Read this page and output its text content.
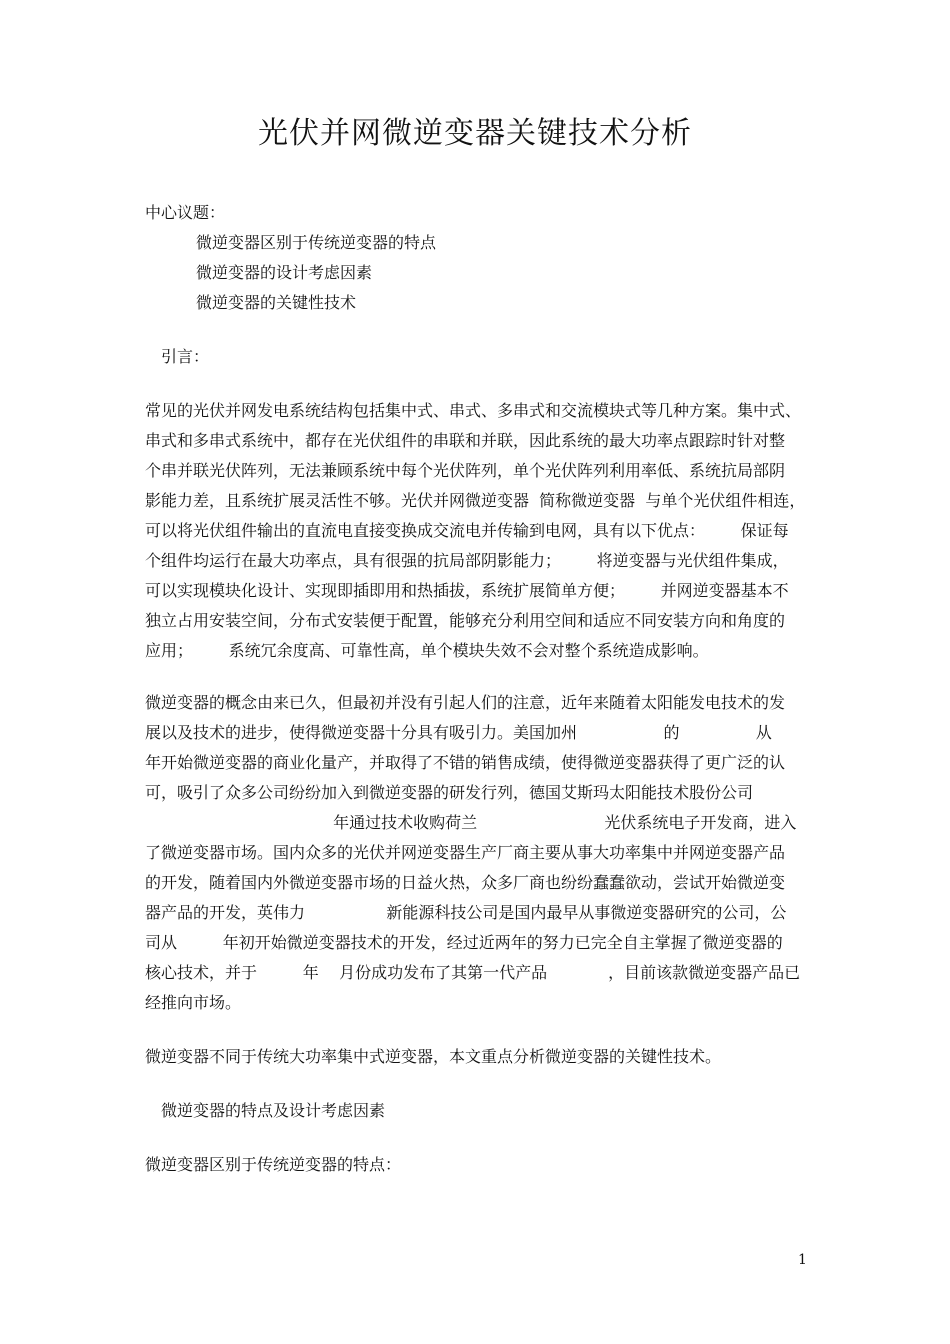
光伏并网微逆变器关键技术分析
中心议题：
微逆变器区别于传统逆变器的特点
微逆变器的设计考虑因素
微逆变器的关键性技术
引言：
常见的光伏并网发电系统结构包括集中式、串式、多串式和交流模块式等几种方案。集中式、
串式和多串式系统中，都存在光伏组件的串联和并联，因此系统的最大功率点跟踪时针对整
个串并联光伏阵列，无法兼顾系统中每个光伏阵列，单个光伏阵列利用率低、系统抗局部阴
影能力差，且系统扩展灵活性不够。光伏并网微逆变器  简称微逆变器  与单个光伏组件相连，
可以将光伏组件输出的直流电直接变换成交流电并传输到电网，具有以下优点：       保证每
个组件均运行在最大功率点，具有很强的抗局部阴影能力；       将逆变器与光伏组件集成，
可以实现模块化设计、实现即插即用和热插拔，系统扩展简单方便；       并网逆变器基本不
独立占用安装空间，分布式安装便于配置，能够充分利用空间和适应不同安装方向和角度的
应用；       系统冗余度高、可靠性高，单个模块失效不会对整个系统造成影响。
微逆变器的概念由来已久，但最初并没有引起人们的注意，近年来随着太阳能发电技术的发
展以及技术的进步，使得微逆变器十分具有吸引力。美国加州                 的               从
年开始微逆变器的商业化量产，并取得了不错的销售成绩，使得微逆变器获得了更广泛的认
可，吸引了众多公司纷纷加入到微逆变器的研发行列，德国艾斯玛太阳能技术股份公司
年通过技术收购荷兰                         光伏系统电子开发商，进入
了微逆变器市场。国内众多的光伏并网逆变器生产厂商主要从事大功率集中并网逆变器产品
的开发，随着国内外微逆变器市场的日益火热，众多厂商也纷纷蠢蠢欲动，尝试开始微逆变
器产品的开发，英伟力                新能源科技公司是国内最早从事微逆变器研究的公司，公
司从         年初开始微逆变器技术的开发，经过近两年的努力已完全自主掌握了微逆变器的
核心技术，并于         年    月份成功发布了其第一代产品            ，目前该款微逆变器产品已
经推向市场。
微逆变器不同于传统大功率集中式逆变器，本文重点分析微逆变器的关键性技术。
微逆变器的特点及设计考虑因素
微逆变器区别于传统逆变器的特点：
1
